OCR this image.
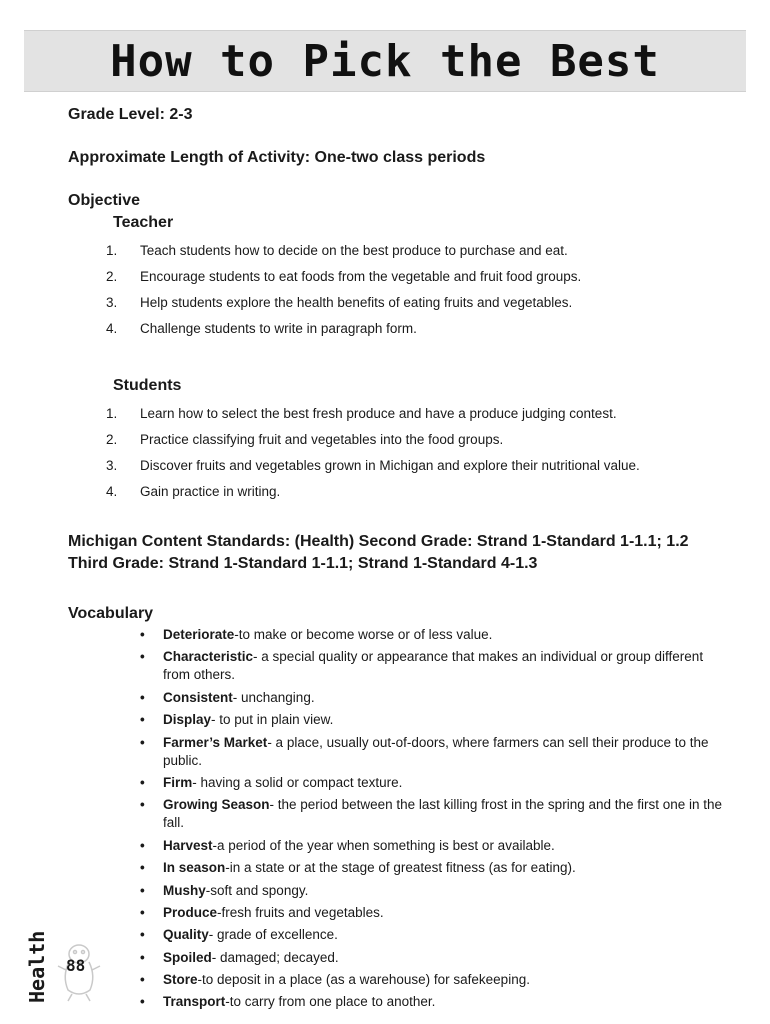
How to Pick the Best

Grade Level: 2-3

Approximate Length of Activity: One-two class periods

Objective

Teacher

1. Teach students how to decide on the best produce to purchase and eat.
2. Encourage students to eat foods from the vegetable and fruit food groups.
3. Help students explore the health benefits of eating fruits and vegetables.
4. Challenge students to write in paragraph form.

Students

1. Learn how to select the best fresh produce and have a produce judging contest.
2. Practice classifying fruit and vegetables into the food groups.
3. Discover fruits and vegetables grown in Michigan and explore their nutritional value.
4. Gain practice in writing.

Michigan Content Standards: (Health) Second Grade: Strand 1-Standard 1-1.1; 1.2

Third Grade: Strand 1-Standard 1-1.1; Strand 1-Standard 4-1.3

Vocabulary

• Deteriorate-to make or become worse or of less value.
• Characteristic- a special quality or appearance that makes an individual or group different from others.
• Consistent- unchanging.
• Display- to put in plain view.
• Farmer’s Market- a place, usually out-of-doors, where farmers can sell their produce to the public.
• Firm- having a solid or compact texture.
• Growing Season- the period between the last killing frost in the spring and the first one in the fall.
• Harvest-a period of the year when something is best or available.
• In season-in a state or at the stage of greatest fitness (as for eating).
• Mushy-soft and spongy.
• Produce-fresh fruits and vegetables.
• Quality- grade of excellence.
• Spoiled- damaged; decayed.
• Store-to deposit in a place (as a warehouse) for safekeeping.
• Transport-to carry from one place to another.
Health 88
